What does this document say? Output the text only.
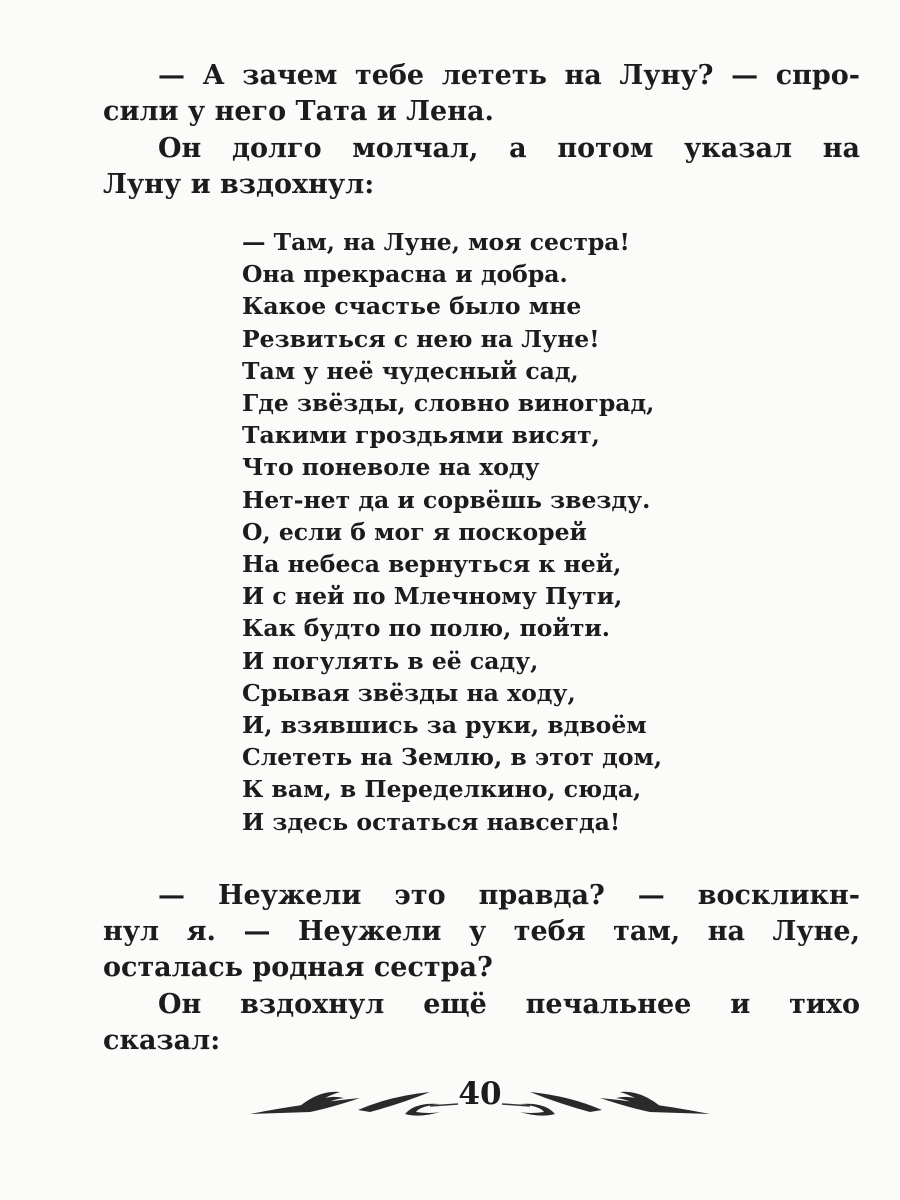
— А зачем тебе лететь на Луну? — спро-
сили у него Тата и Лена.
Он долго молчал, а потом указал на
Луну и вздохнул:
— Там, на Луне, моя сестра!
Она прекрасна и добра.
Какое счастье было мне
Резвиться с нею на Луне!
Там у неё чудесный сад,
Где звёзды, словно виноград,
Такими гроздьями висят,
Что поневоле на ходу
Нет-нет да и сорвёшь звезду.
О, если б мог я поскорей
На небеса вернуться к ней,
И с ней по Млечному Пути,
Как будто по полю, пойти.
И погулять в её саду,
Срывая звёзды на ходу,
И, взявшись за руки, вдвоём
Слететь на Землю, в этот дом,
К вам, в Переделкино, сюда,
И здесь остаться навсегда!
— Неужели это правда? — воскликн-
нул я. — Неужели у тебя там, на Луне,
осталась родная сестра?
Он вздохнул ещё печальнее и тихо
сказал:
40
